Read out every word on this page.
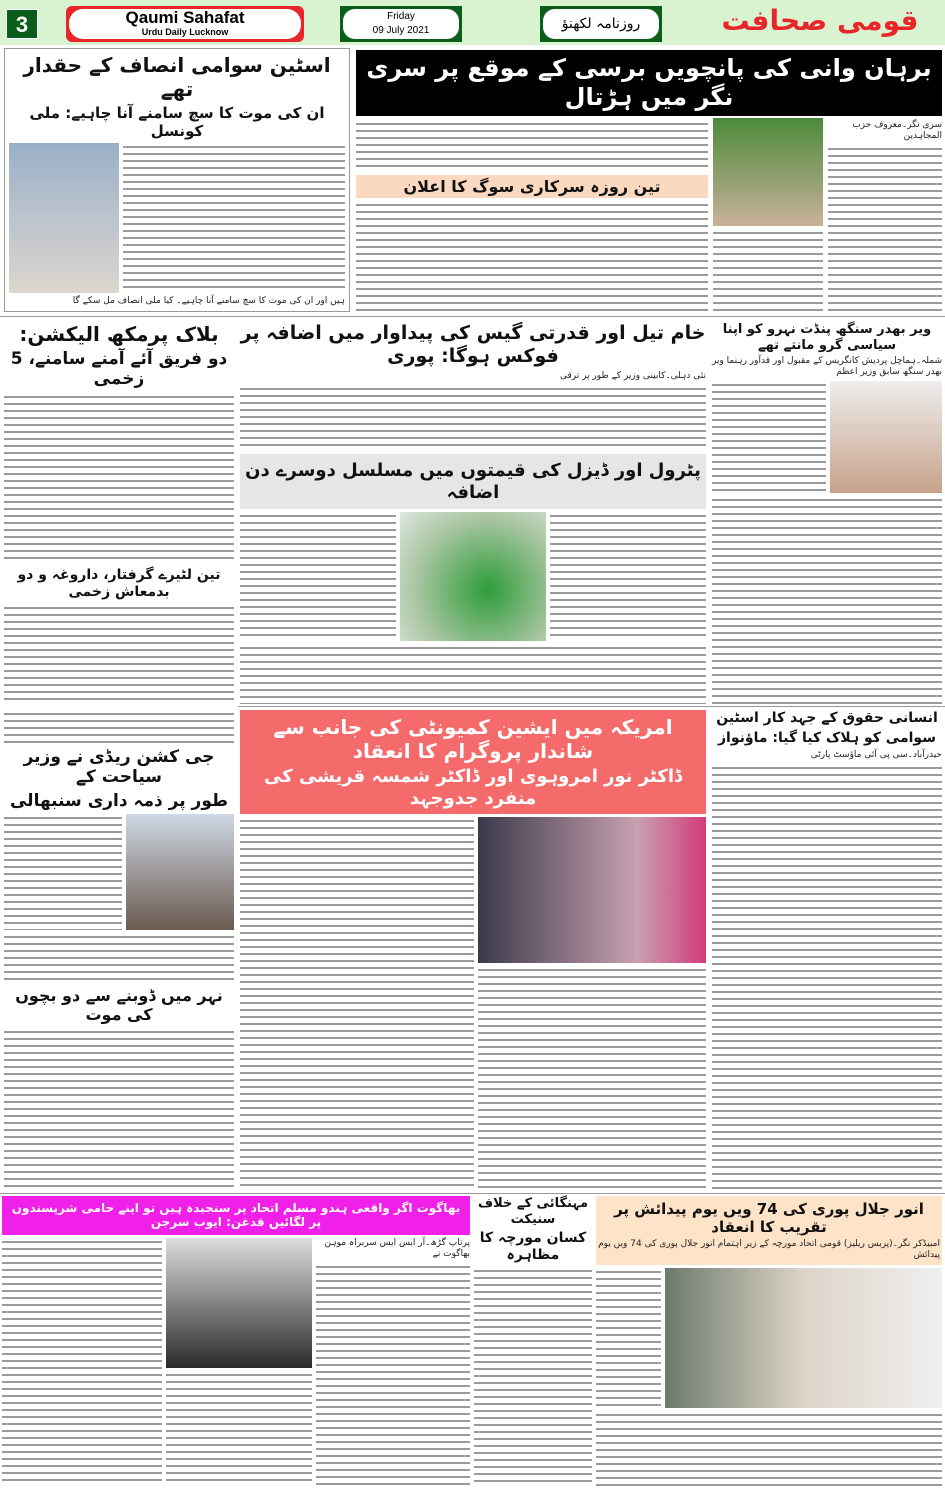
3	Qaumi Sahafat
Urdu Daily Lucknow
Friday
09 July 2021	روزنامہ لکھنؤ	قومی صحافت
اسٹین سوامی انصاف کے حقدار تھے
ان کی موت کا سچ سامنے آنا چاہیے: ملی کونسل
ہیں اور ان کی موت کا سچ سامنے آنا چاہیے۔ کیا ملی انصاف مل سکے گا
برہان وانی کی پانچویں برسی کے موقع پر سری نگر میں ہڑتال
تین روزہ سرکاری سوگ کا اعلان
سری نگر۔معروف حزب المجاہدین
بلاک پرمکھ الیکشن:
دو فریق آئے آمنے سامنے، 5 زخمی
تین لٹیرے گرفتار، داروغہ و دو بدمعاش زخمی
خام تیل اور قدرتی گیس کی پیداوار میں اضافہ پر فوکس ہوگا: پوری
نئی دہلی۔کابینی وزیر کے طور پر ترقی
پٹرول اور ڈیزل کی قیمتوں میں مسلسل دوسرے دن اضافہ
ویر بھدر سنگھ پنڈت نہرو کو اپنا سیاسی گرو مانتے تھے
شملہ۔ہماچل پردیش کانگریس کے مقبول اور قدآور رہنما ویر بھدر سنگھ سابق وزیر اعظم
جی کشن ریڈی نے وزیر سیاحت کے
طور پر ذمہ داری سنبھالی
نہر میں ڈوبنے سے دو بچوں کی موت
امریکہ میں ایشین کمیونٹی کی جانب سے شاندار پروگرام کا انعقاد
ڈاکٹر نور امروہوی اور ڈاکٹر شمسہ قریشی کی منفرد جدوجہد
انسانی حقوق کے جہد کار اسٹین
سوامی کو ہلاک کیا گیا: ماؤنواز
حیدرآباد۔سی پی آئی ماؤسٹ پارٹی
بھاگوت اگر واقعی ہندو مسلم اتحاد پر سنجیدہ ہیں تو اپنے حامی شرپسندوں پر لگائیں قدغن: ایوب سرجن
پرتاپ گڑھ۔آر ایس ایس سربراہ موہن بھاگوت نے
مہنگائی کے خلاف سنیکت
کسان مورچہ کا مظاہرہ
انور جلال پوری کی 74 ویں یوم پیدائش پر تقریب کا انعقاد
امبیڈکر نگر۔(پریس ریلیز) قومی اتحاد مورچہ کے زیر اہتمام انور جلال پوری کی 74 ویں یوم پیدائش
